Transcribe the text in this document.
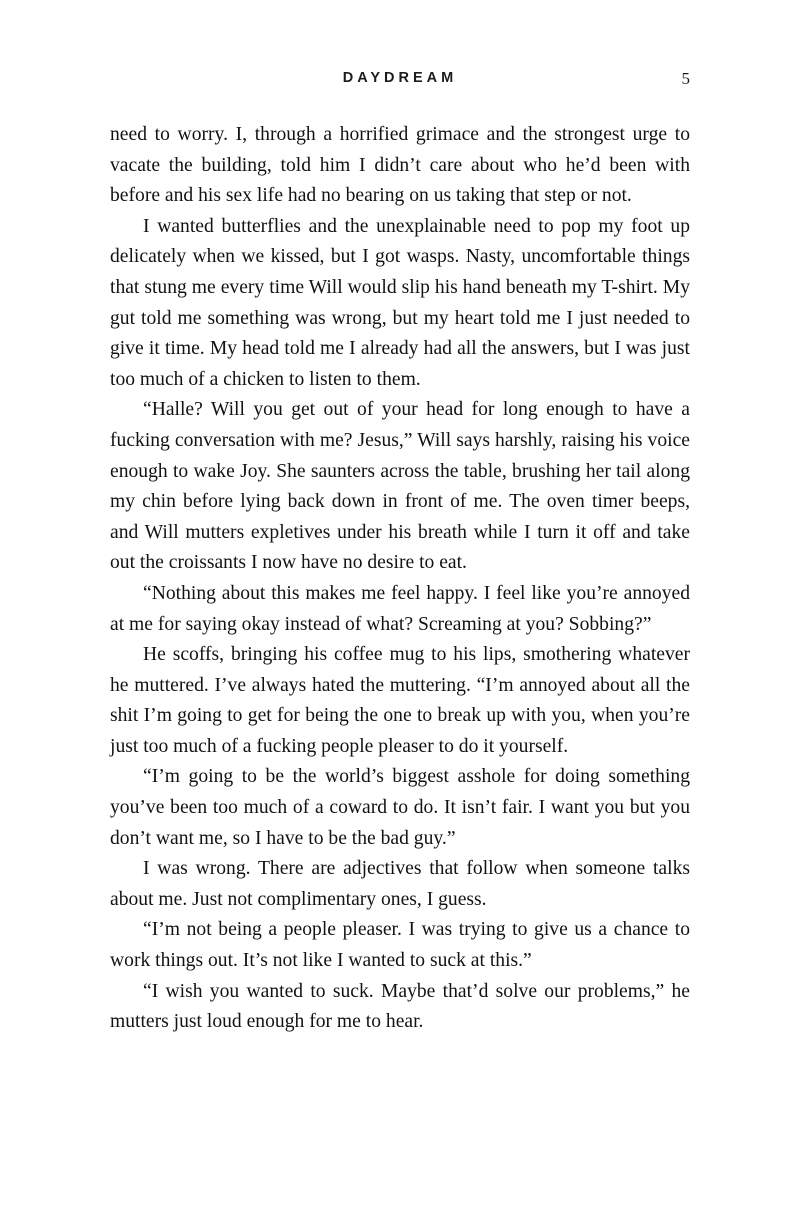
DAYDREAM	5

need to worry. I, through a horrified grimace and the strongest urge to vacate the building, told him I didn’t care about who he’d been with before and his sex life had no bearing on us taking that step or not.

I wanted butterflies and the unexplainable need to pop my foot up delicately when we kissed, but I got wasps. Nasty, uncomfortable things that stung me every time Will would slip his hand beneath my T-shirt. My gut told me something was wrong, but my heart told me I just needed to give it time. My head told me I already had all the answers, but I was just too much of a chicken to listen to them.

“Halle? Will you get out of your head for long enough to have a fucking conversation with me? Jesus,” Will says harshly, raising his voice enough to wake Joy. She saunters across the table, brushing her tail along my chin before lying back down in front of me. The oven timer beeps, and Will mutters expletives under his breath while I turn it off and take out the croissants I now have no desire to eat.

“Nothing about this makes me feel happy. I feel like you’re annoyed at me for saying okay instead of what? Screaming at you? Sobbing?”

He scoffs, bringing his coffee mug to his lips, smothering whatever he muttered. I’ve always hated the muttering. “I’m annoyed about all the shit I’m going to get for being the one to break up with you, when you’re just too much of a fucking people pleaser to do it yourself.

“I’m going to be the world’s biggest asshole for doing something you’ve been too much of a coward to do. It isn’t fair. I want you but you don’t want me, so I have to be the bad guy.”

I was wrong. There are adjectives that follow when someone talks about me. Just not complimentary ones, I guess.

“I’m not being a people pleaser. I was trying to give us a chance to work things out. It’s not like I wanted to suck at this.”

“I wish you wanted to suck. Maybe that’d solve our problems,” he mutters just loud enough for me to hear.
